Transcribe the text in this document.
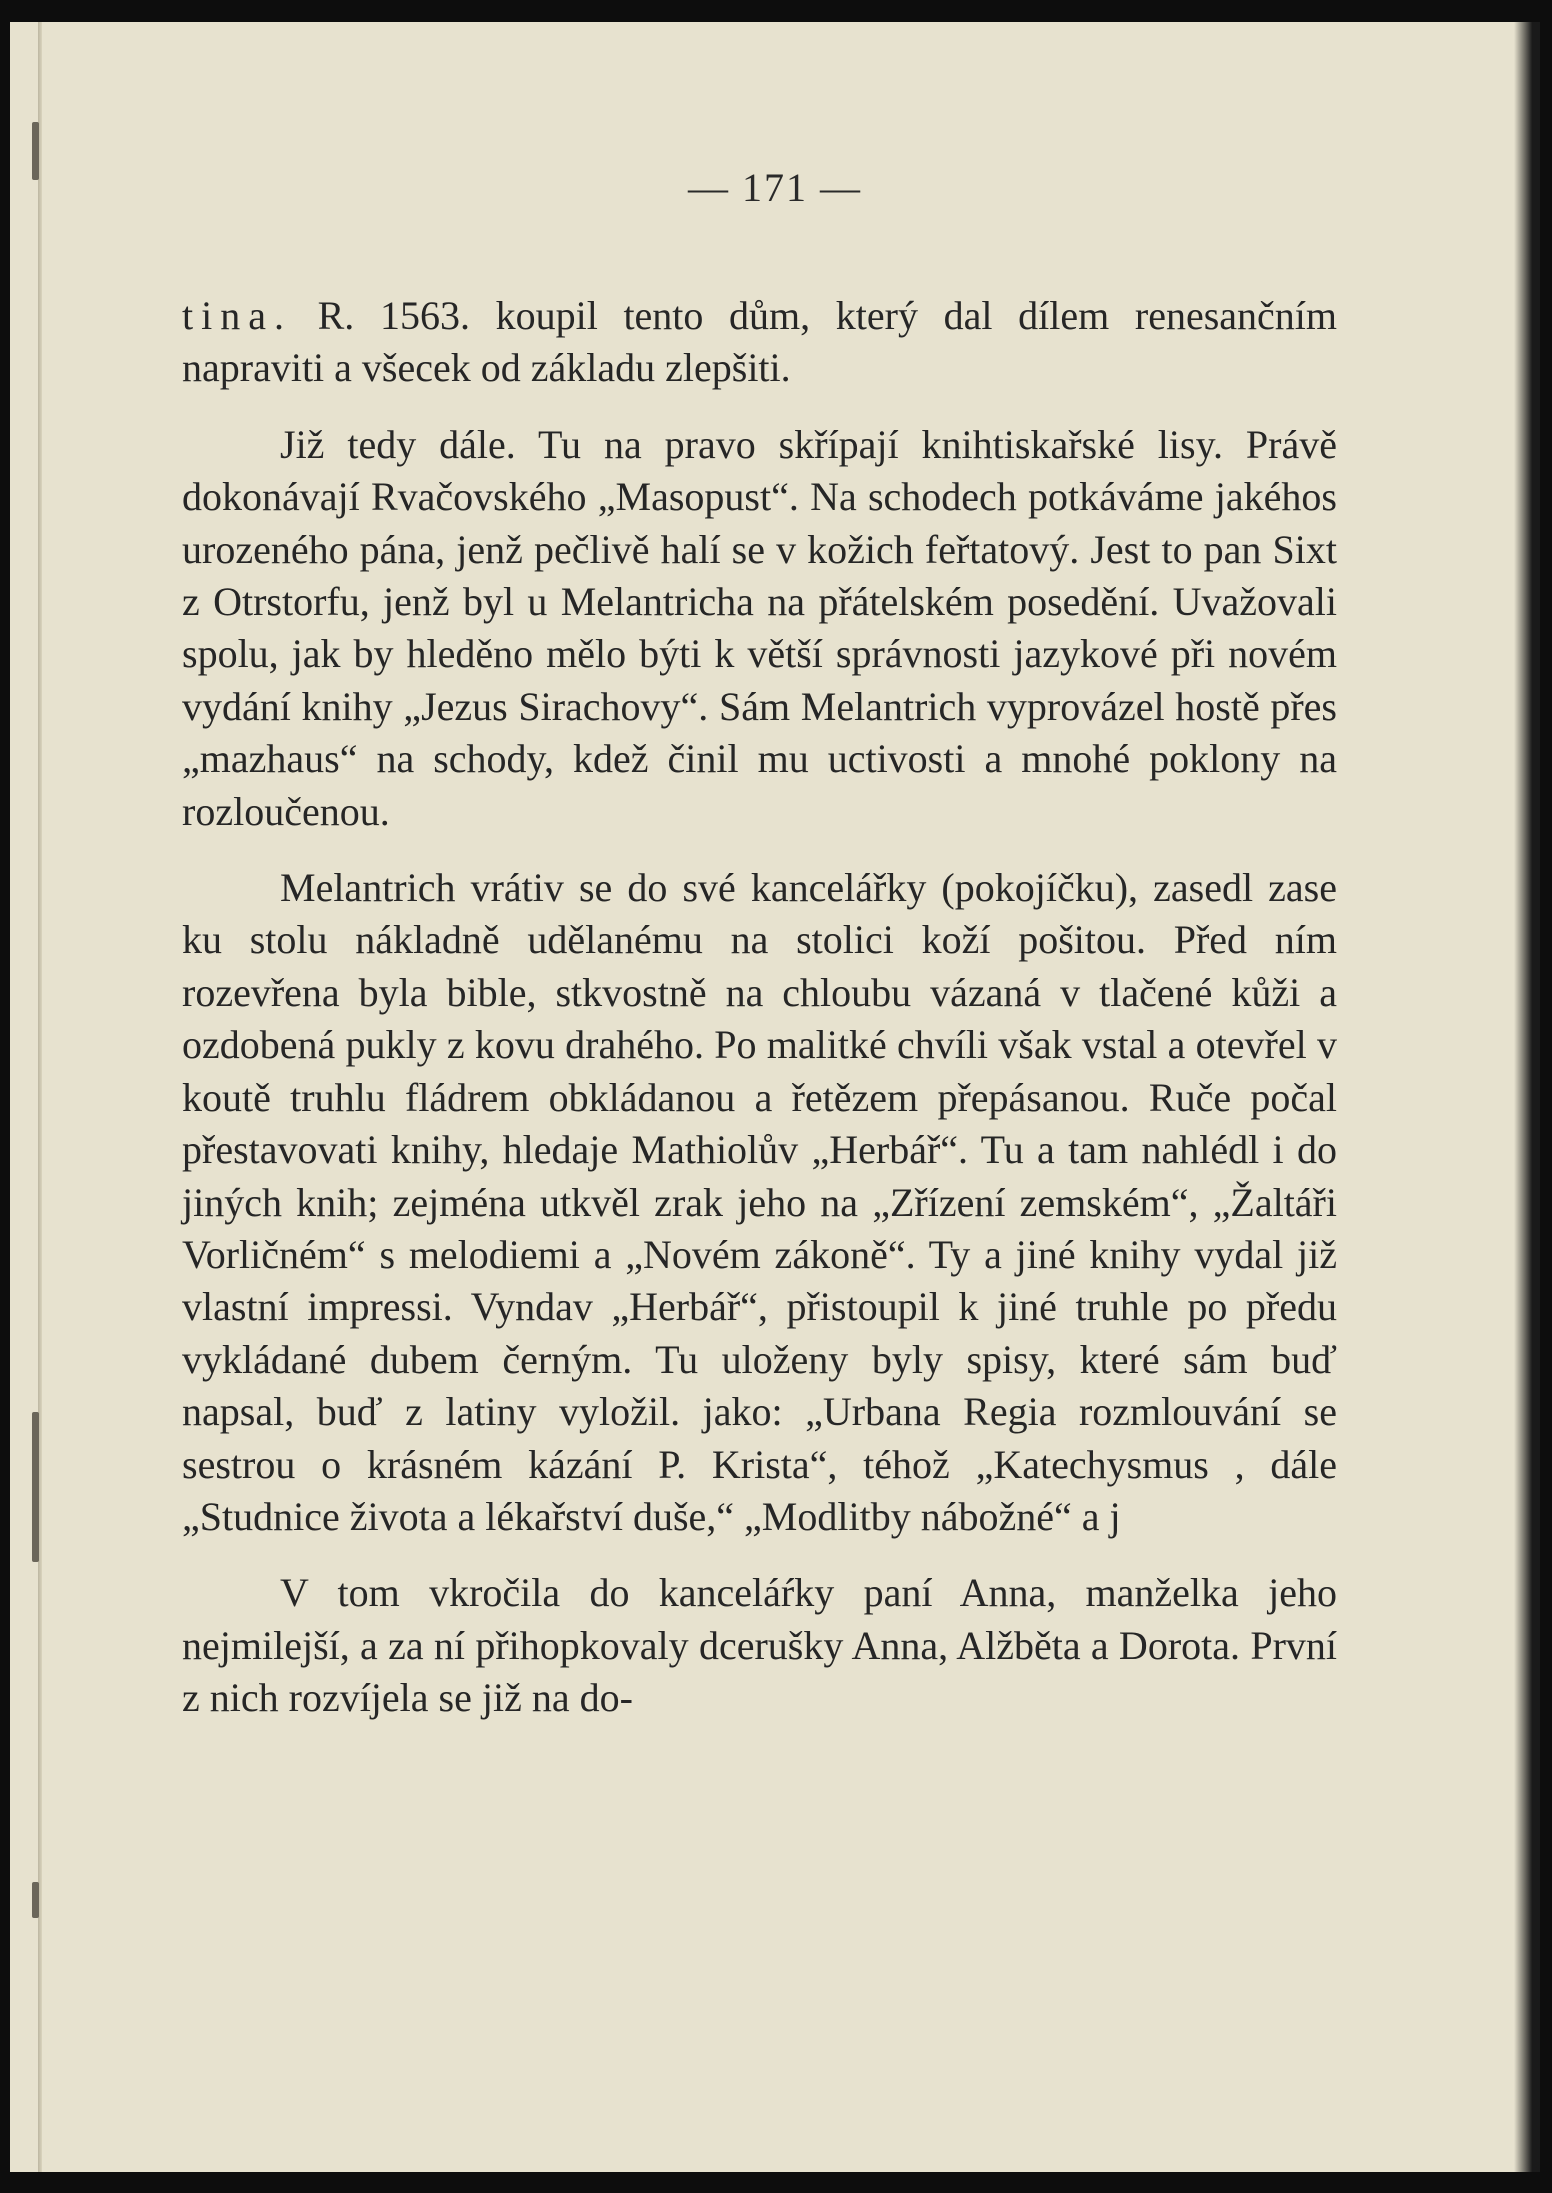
— 171 —

tina. R. 1563. koupil tento dům, který dal dílem renesančním napraviti a všecek od základu zlepšiti.

Již tedy dále. Tu na pravo skřípají knihtiskařské lisy. Právě dokonávají Rvačovského „Masopust“. Na schodech potkáváme jakéhos urozeného pána, jenž pečlivě halí se v kožich feřtatový. Jest to pan Sixt z Otrstorfu, jenž byl u Melantricha na přátelském posedění. Uvažovali spolu, jak by hleděno mělo býti k větší správnosti jazykové při novém vydání knihy „Jezus Sirachovy“. Sám Melantrich vyprovázel hostě přes „mazhaus“ na schody, kdež činil mu uctivosti a mnohé poklony na rozloučenou.

Melantrich vrátiv se do své kancelářky (pokojíčku), zasedl zase ku stolu nákladně udělanému na stolici koží pošitou. Před ním rozevřena byla bible, stkvostně na chloubu vázaná v tlačené kůži a ozdobená pukly z kovu drahého. Po malitké chvíli však vstal a otevřel v koutě truhlu fládrem obkládanou a řetězem přepásanou. Ruče počal přestavovati knihy, hledaje Mathiolův „Herbář“. Tu a tam nahlédl i do jiných knih; zejména utkvěl zrak jeho na „Zřízení zemském“, „Žaltáři Vorličném“ s melodiemi a „Novém zákoně“. Ty a jiné knihy vydal již vlastní impressi. Vyndav „Herbář“, přistoupil k jiné truhle po předu vykládané dubem černým. Tu uloženy byly spisy, které sám buď napsal, buď z latiny vyložil. jako: „Urbana Regia rozmlouvání se sestrou o krásném kázání P. Krista“, téhož „Katechysmus , dále „Studnice života a lékařství duše,“ „Modlitby nábožné“ a j

V tom vkročila do kanceláŕky paní Anna, manželka jeho nejmilejší, a za ní přihopkovaly dcerušky Anna, Alžběta a Dorota. První z nich rozvíjela se již na do-
